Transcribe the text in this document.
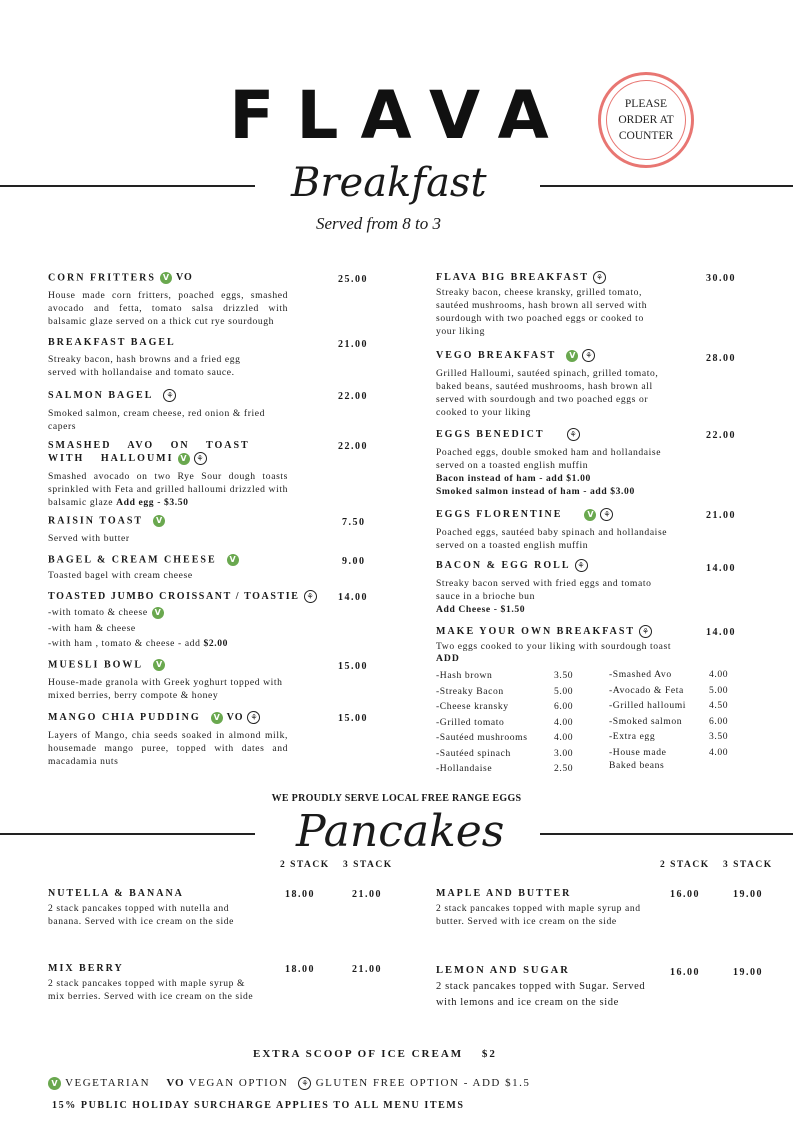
FLAVA	PLEASE
ORDER AT
COUNTER
Breakfast
Served from 8 to 3
CORN FRITTERS V VO
House made corn fritters, poached eggs, smashed avocado and fetta, tomato salsa drizzled with balsamic glaze served on a thick cut rye sourdough
25.00
BREAKFAST BAGEL
Streaky bacon, hash browns and a fried egg served with hollandaise and tomato sauce.
21.00
SALMON BAGEL ⚘
Smoked salmon, cream cheese, red onion & fried capers
22.00
SMASHED AVO ON TOAST WITH HALLOUMI V ⚘
Smashed avocado on two Rye Sour dough toasts sprinkled with Feta and grilled halloumi drizzled with balsamic glaze Add egg - $3.50
22.00
RAISIN TOAST V
Served with butter
7.50
BAGEL & CREAM CHEESE V
Toasted bagel with cream cheese
9.00
TOASTED JUMBO CROISSANT / TOASTIE ⚘
-with tomato & cheese V
-with ham & cheese
-with ham , tomato & cheese - add $2.00
14.00
MUESLI BOWL V
House-made granola with Greek yoghurt topped with mixed berries, berry compote & honey
15.00
MANGO CHIA PUDDING V VO ⚘
Layers of Mango, chia seeds soaked in almond milk, housemade mango puree, topped with dates and macadamia nuts
15.00
FLAVA BIG BREAKFAST ⚘
Streaky bacon, cheese kransky, grilled tomato, sautéed mushrooms, hash brown all served with sourdough with two poached eggs or cooked to your liking
30.00
VEGO BREAKFAST V ⚘
Grilled Halloumi, sautéed spinach, grilled tomato, baked beans, sautéed mushrooms, hash brown all served with sourdough and two poached eggs or cooked to your liking
28.00
EGGS BENEDICT	⚘
Poached eggs, double smoked ham and hollandaise served on a toasted english muffin
Bacon instead of ham - add $1.00
Smoked salmon instead of ham - add $3.00
22.00
EGGS FLORENTINE	V ⚘
Poached eggs, sautéed baby spinach and hollandaise served on a toasted english muffin
21.00
BACON & EGG ROLL ⚘
Streaky bacon served with fried eggs and tomato sauce in a brioche bun
Add Cheese - $1.50
14.00
MAKE YOUR OWN BREAKFAST ⚘
Two eggs cooked to your liking with sourdough toast
ADD
14.00
-Hash brown	3.50
-Streaky Bacon	5.00
-Cheese kransky	6.00
-Grilled tomato	4.00
-Sautéed mushrooms	4.00
-Sautéed spinach	3.00
-Hollandaise	2.50
-Smashed Avo	4.00
-Avocado & Feta	5.00
-Grilled halloumi 4.50
-Smoked salmon	6.00
-Extra egg	3.50
-House made	4.00
Baked beans
WE PROUDLY SERVE LOCAL FREE RANGE EGGS
Pancakes
2 STACK 3 STACK	2 STACK 3 STACK
NUTELLA & BANANA
2 stack pancakes topped with nutella and banana. Served with ice cream on the side
18.00	21.00
MIX BERRY
2 stack pancakes topped with maple syrup & mix berries. Served with ice cream on the side
18.00	21.00
MAPLE AND BUTTER
2 stack pancakes topped with maple syrup and butter. Served with ice cream on the side
16.00	19.00
LEMON AND SUGAR
2 stack pancakes topped with Sugar. Served with lemons and ice cream on the side
16.00	19.00
EXTRA SCOOP OF ICE CREAM $2
V VEGETARIAN VO VEGAN OPTION ⚘ GLUTEN FREE OPTION - ADD $1.5
15% PUBLIC HOLIDAY SURCHARGE APPLIES TO ALL MENU ITEMS
